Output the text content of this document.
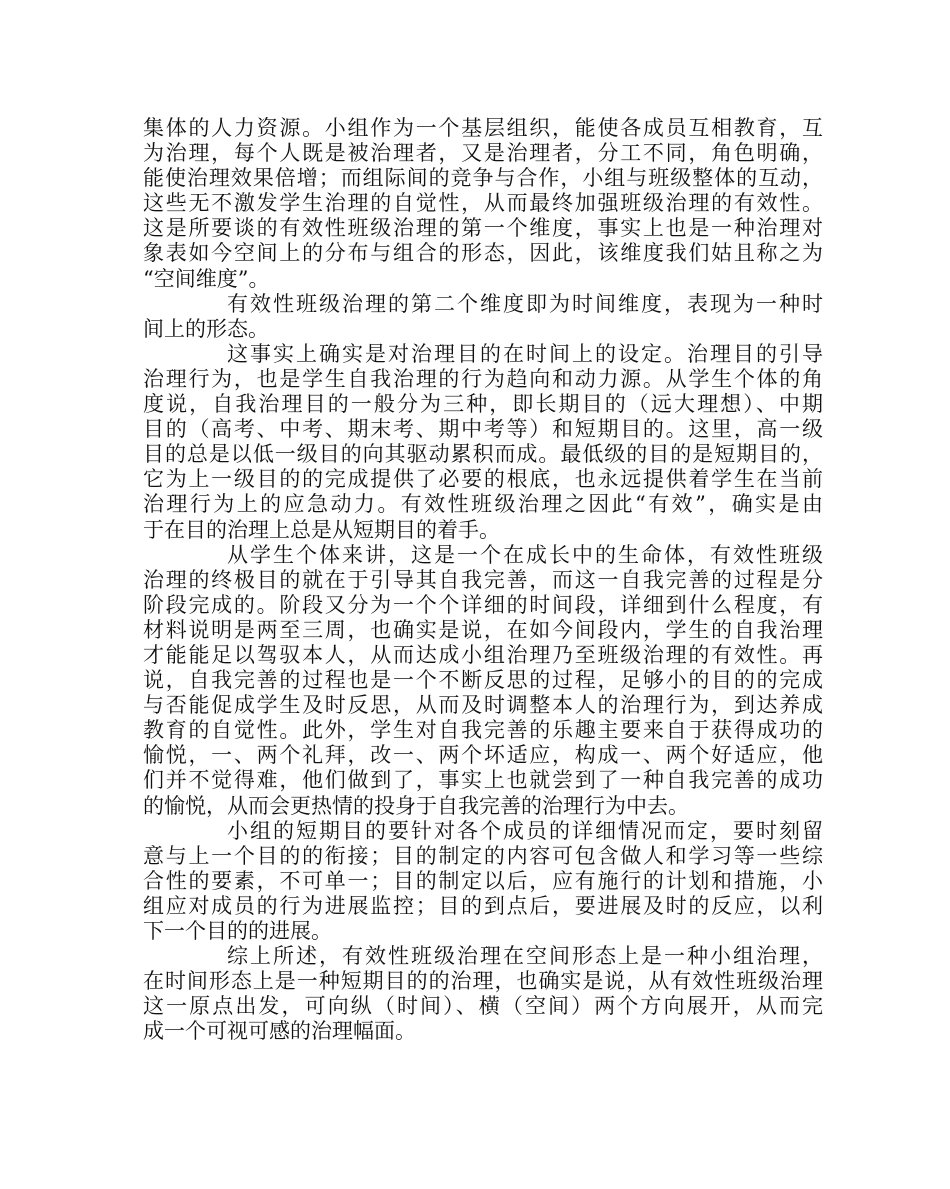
集体的人力资源。小组作为一个基层组织，能使各成员互相教育，互
为治理，每个人既是被治理者，又是治理者，分工不同，角色明确，
能使治理效果倍增；而组际间的竞争与合作，小组与班级整体的互动，
这些无不激发学生治理的自觉性，从而最终加强班级治理的有效性。
这是所要谈的有效性班级治理的第一个维度，事实上也是一种治理对
象表如今空间上的分布与组合的形态，因此，该维度我们姑且称之为
“空间维度”。
有效性班级治理的第二个维度即为时间维度，表现为一种时
间上的形态。
这事实上确实是对治理目的在时间上的设定。治理目的引导
治理行为，也是学生自我治理的行为趋向和动力源。从学生个体的角
度说，自我治理目的一般分为三种，即长期目的（远大理想）、中期
目的（高考、中考、期末考、期中考等）和短期目的。这里，高一级
目的总是以低一级目的向其驱动累积而成。最低级的目的是短期目的，
它为上一级目的的完成提供了必要的根底，也永远提供着学生在当前
治理行为上的应急动力。有效性班级治理之因此“有效”，确实是由
于在目的治理上总是从短期目的着手。
从学生个体来讲，这是一个在成长中的生命体，有效性班级
治理的终极目的就在于引导其自我完善，而这一自我完善的过程是分
阶段完成的。阶段又分为一个个详细的时间段，详细到什么程度，有
材料说明是两至三周，也确实是说，在如今间段内，学生的自我治理
才能能足以驾驭本人，从而达成小组治理乃至班级治理的有效性。再
说，自我完善的过程也是一个不断反思的过程，足够小的目的的完成
与否能促成学生及时反思，从而及时调整本人的治理行为，到达养成
教育的自觉性。此外，学生对自我完善的乐趣主要来自于获得成功的
愉悦，一、两个礼拜，改一、两个坏适应，构成一、两个好适应，他
们并不觉得难，他们做到了，事实上也就尝到了一种自我完善的成功
的愉悦，从而会更热情的投身于自我完善的治理行为中去。
小组的短期目的要针对各个成员的详细情况而定，要时刻留
意与上一个目的的衔接；目的制定的内容可包含做人和学习等一些综
合性的要素，不可单一；目的制定以后，应有施行的计划和措施，小
组应对成员的行为进展监控；目的到点后，要进展及时的反应，以利
下一个目的的进展。
综上所述，有效性班级治理在空间形态上是一种小组治理，
在时间形态上是一种短期目的的治理，也确实是说，从有效性班级治理
这一原点出发，可向纵（时间）、横（空间）两个方向展开，从而完
成一个可视可感的治理幅面。
